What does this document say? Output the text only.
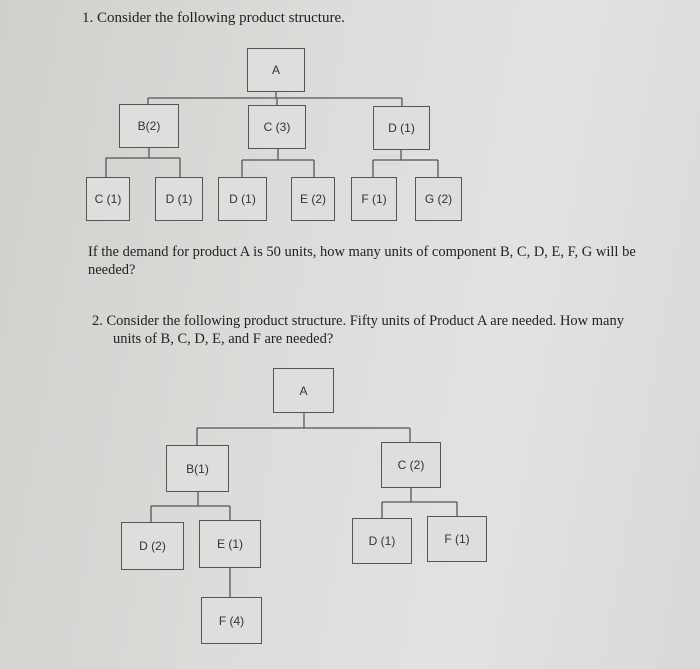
1. Consider the following product structure.
A
B(2)	C (3)	D (1)
C (1)	D (1)	D (1)	E (2)	F (1)	G (2)
If the demand for product A is 50 units, how many units of component B, C, D, E, F, G will be
needed?
2. Consider the following product structure. Fifty units of Product A are needed. How many
units of B, C, D, E, and F are needed?
A
B(1)	C (2)
D (2)	E (1)
F (4)
D (1)	F (1)
